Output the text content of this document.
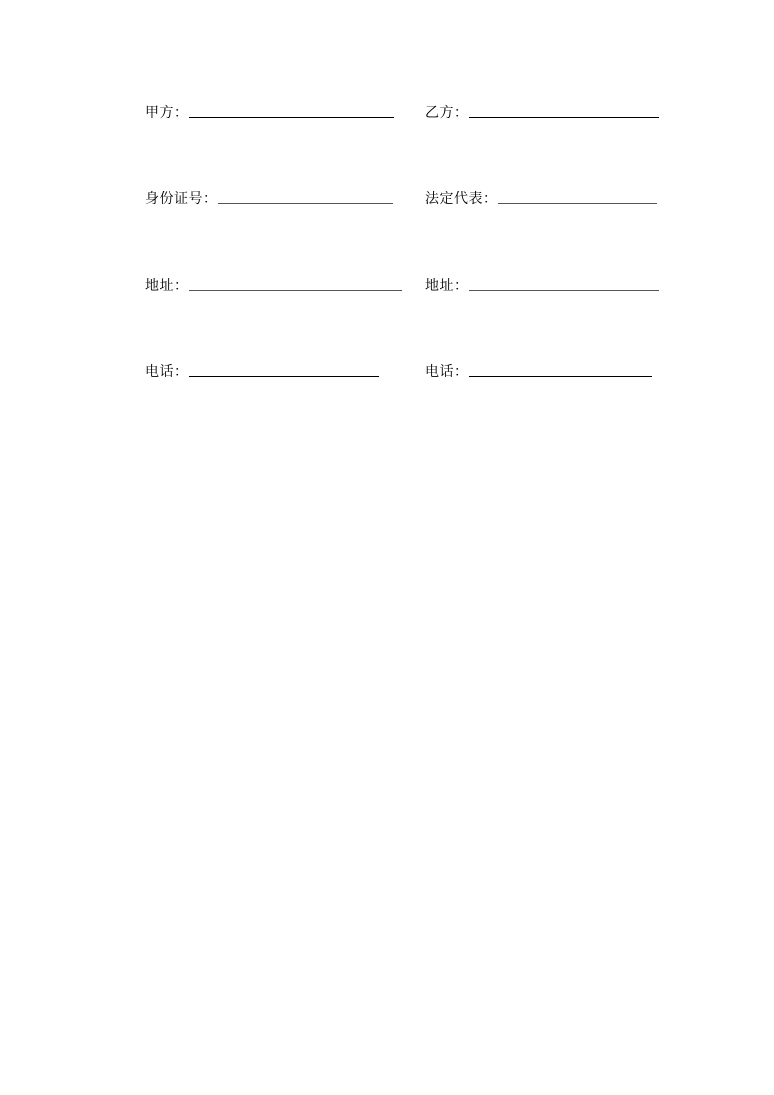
甲方：	乙方：
身份证号：	法定代表：
地址：	地址：
电话：	电话：
